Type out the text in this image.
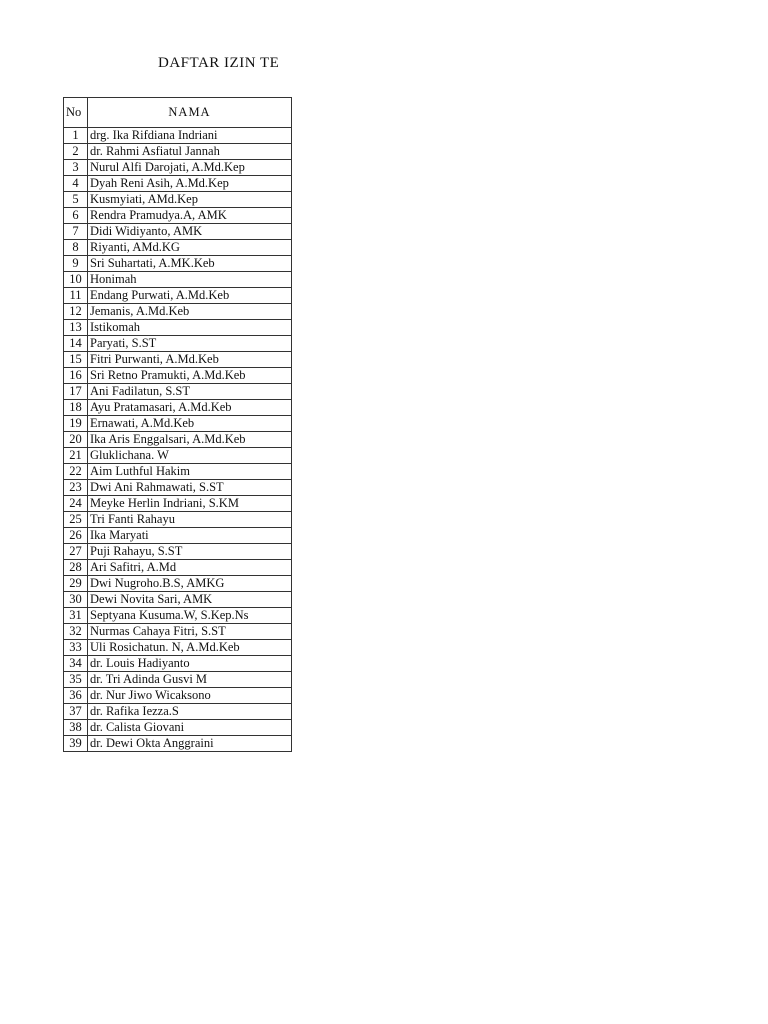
DAFTAR IZIN TE
No	NAMA
1	drg. Ika Rifdiana Indriani
2	dr. Rahmi Asfiatul Jannah
3	Nurul Alfi Darojati, A.Md.Kep
4	Dyah Reni Asih, A.Md.Kep
5	Kusmyiati, AMd.Kep
6	Rendra Pramudya.A, AMK
7	Didi Widiyanto, AMK
8	Riyanti, AMd.KG
9	Sri Suhartati, A.MK.Keb
10	Honimah
11	Endang Purwati, A.Md.Keb
12	Jemanis, A.Md.Keb
13	Istikomah
14	Paryati, S.ST
15	Fitri Purwanti, A.Md.Keb
16	Sri Retno Pramukti, A.Md.Keb
17	Ani Fadilatun, S.ST
18	Ayu Pratamasari, A.Md.Keb
19	Ernawati, A.Md.Keb
20	Ika Aris Enggalsari, A.Md.Keb
21	Gluklichana. W
22	Aim Luthful Hakim
23	Dwi Ani Rahmawati, S.ST
24	Meyke Herlin Indriani, S.KM
25	Tri Fanti Rahayu
26	Ika Maryati
27	Puji Rahayu, S.ST
28	Ari Safitri, A.Md
29	Dwi Nugroho.B.S, AMKG
30	Dewi Novita Sari, AMK
31	Septyana Kusuma.W, S.Kep.Ns
32	Nurmas Cahaya Fitri, S.ST
33	Uli Rosichatun. N, A.Md.Keb
34	dr. Louis Hadiyanto
35	dr. Tri Adinda Gusvi M
36	dr. Nur Jiwo Wicaksono
37	dr. Rafika Iezza.S
38	dr. Calista Giovani
39	dr. Dewi Okta Anggraini
